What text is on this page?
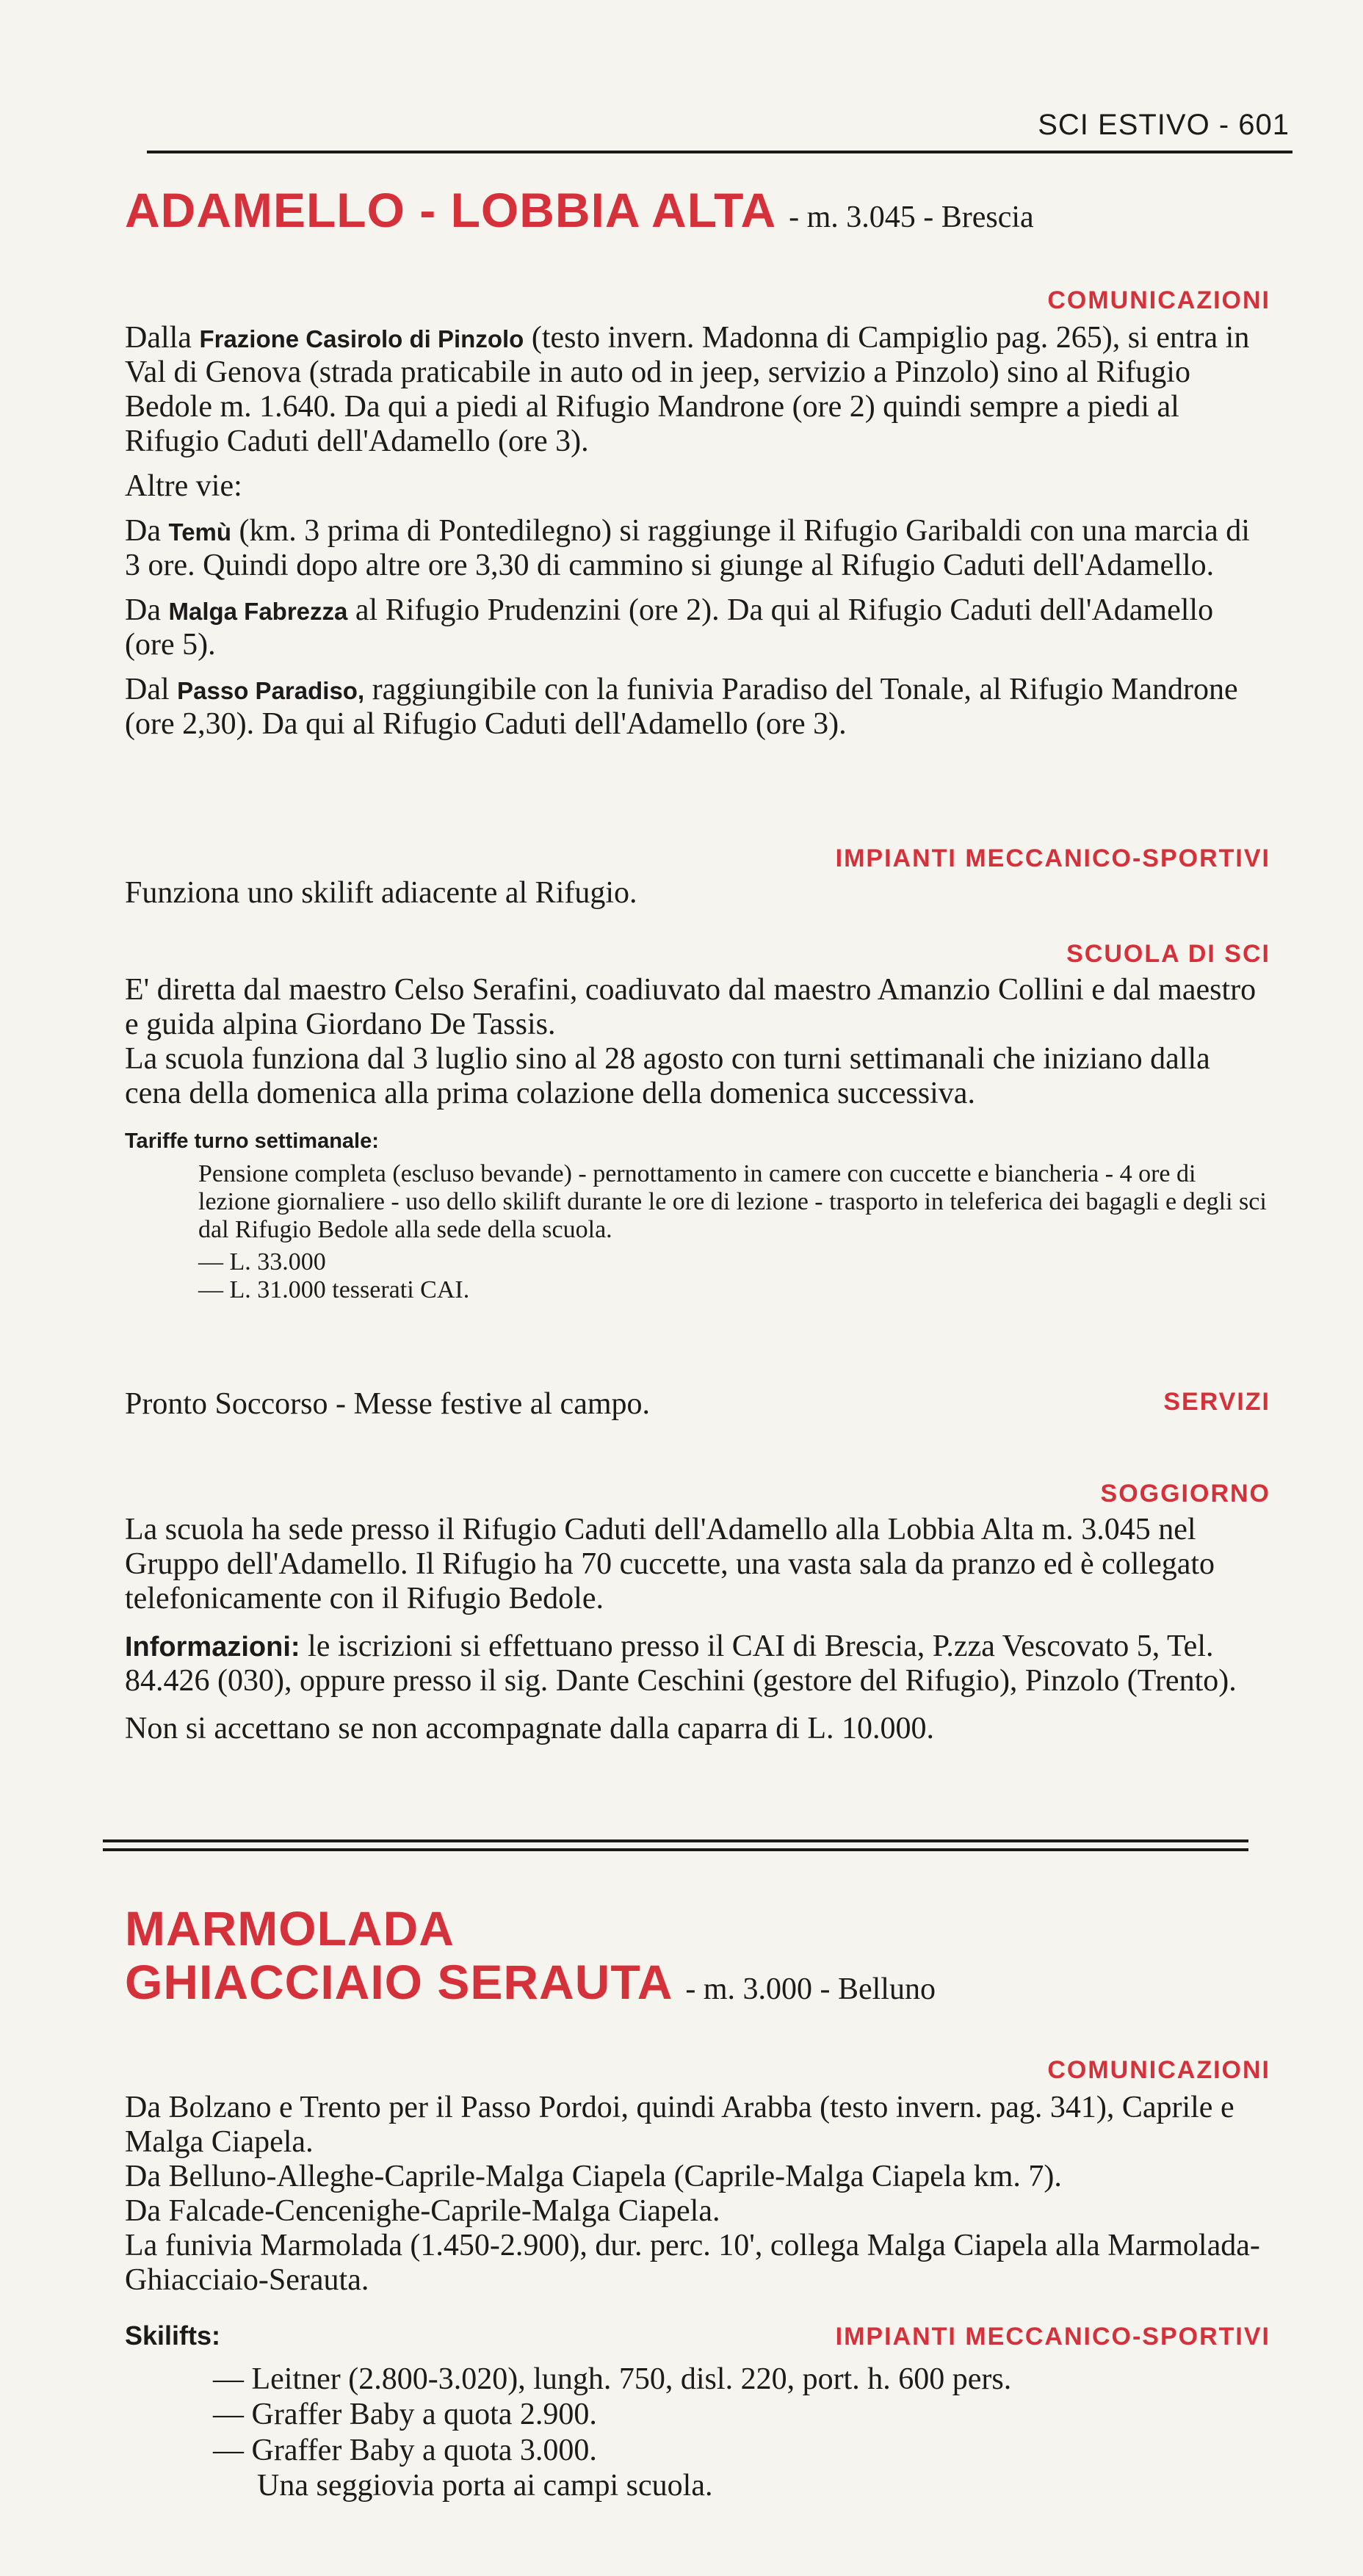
SCI ESTIVO - 601
ADAMELLO - LOBBIA ALTA - m. 3.045 - Brescia
COMUNICAZIONI

Dalla Frazione Casirolo di Pinzolo (testo invern. Madonna di Campiglio pag. 265), si entra in Val di Genova (strada praticabile in auto od in jeep, servizio a Pinzolo) sino al Rifugio Bedole m. 1.640. Da qui a piedi al Rifugio Mandrone (ore 2) quindi sempre a piedi al Rifugio Caduti dell'Adamello (ore 3).

Altre vie:

Da Temù (km. 3 prima di Pontedilegno) si raggiunge il Rifugio Garibaldi con una marcia di 3 ore. Quindi dopo altre ore 3,30 di cammino si giunge al Rifugio Caduti dell'Adamello.

Da Malga Fabrezza al Rifugio Prudenzini (ore 2). Da qui al Rifugio Caduti dell'Adamello (ore 5).

Dal Passo Paradiso, raggiungibile con la funivia Paradiso del Tonale, al Rifugio Mandrone (ore 2,30). Da qui al Rifugio Caduti dell'Adamello (ore 3).

IMPIANTI MECCANICO-SPORTIVI

Funziona uno skilift adiacente al Rifugio.

SCUOLA DI SCI

E' diretta dal maestro Celso Serafini, coadiuvato dal maestro Amanzio Collini e dal maestro e guida alpina Giordano De Tassis.

La scuola funziona dal 3 luglio sino al 28 agosto con turni settimanali che iniziano dalla cena della domenica alla prima colazione della domenica successiva.

Tariffe turno settimanale:

Pensione completa (escluso bevande) - pernottamento in camere con cuccette e biancheria - 4 ore di lezione giornaliere - uso dello skilift durante le ore di lezione - trasporto in teleferica dei bagagli e degli sci dal Rifugio Bedole alla sede della scuola.

— L. 33.000

— L. 31.000 tesserati CAI.

SERVIZI

Pronto Soccorso - Messe festive al campo.

SOGGIORNO

La scuola ha sede presso il Rifugio Caduti dell'Adamello alla Lobbia Alta m. 3.045 nel Gruppo dell'Adamello. Il Rifugio ha 70 cuccette, una vasta sala da pranzo ed è collegato telefonicamente con il Rifugio Bedole.

Informazioni: le iscrizioni si effettuano presso il CAI di Brescia, P.zza Vescovato 5, Tel. 84.426 (030), oppure presso il sig. Dante Ceschini (gestore del Rifugio), Pinzolo (Trento).

Non si accettano se non accompagnate dalla caparra di L. 10.000.

MARMOLADA
GHIACCIAIO SERAUTA - m. 3.000 - Belluno
COMUNICAZIONI

Da Bolzano e Trento per il Passo Pordoi, quindi Arabba (testo invern. pag. 341), Caprile e Malga Ciapela.

Da Belluno-Alleghe-Caprile-Malga Ciapela (Caprile-Malga Ciapela km. 7).

Da Falcade-Cencenighe-Caprile-Malga Ciapela.

La funivia Marmolada (1.450-2.900), dur. perc. 10', collega Malga Ciapela alla Marmolada-Ghiacciaio-Serauta.

Skilifts:	IMPIANTI MECCANICO-SPORTIVI
— Leitner (2.800-3.020), lungh. 750, disl. 220, port. h. 600 pers.
— Graffer Baby a quota 2.900.
— Graffer Baby a quota 3.000.
Una seggiovia porta ai campi scuola.
